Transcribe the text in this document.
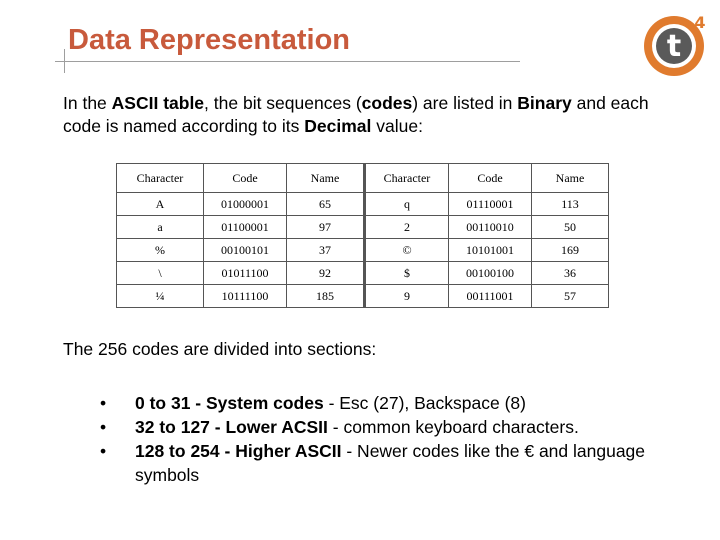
Data Representation	t
4
In the ASCII table, the bit sequences (codes) are listed in Binary and each code is named according to its Decimal value:
Character	Code	Name	Character	Code	Name
A	01000001	65	q	01110001	113
a	01100001	97	2	00110010	50
%	00100101	37	©	10101001	169
\	01011100	92	$	00100100	36
¼	10111100	185	9	00111001	57
The 256 codes are divided into sections:
• 0 to 31 - System codes - Esc (27), Backspace (8)
• 32 to 127 - Lower ACSII - common keyboard characters.
• 128 to 254 - Higher ASCII - Newer codes like the € and language symbols
